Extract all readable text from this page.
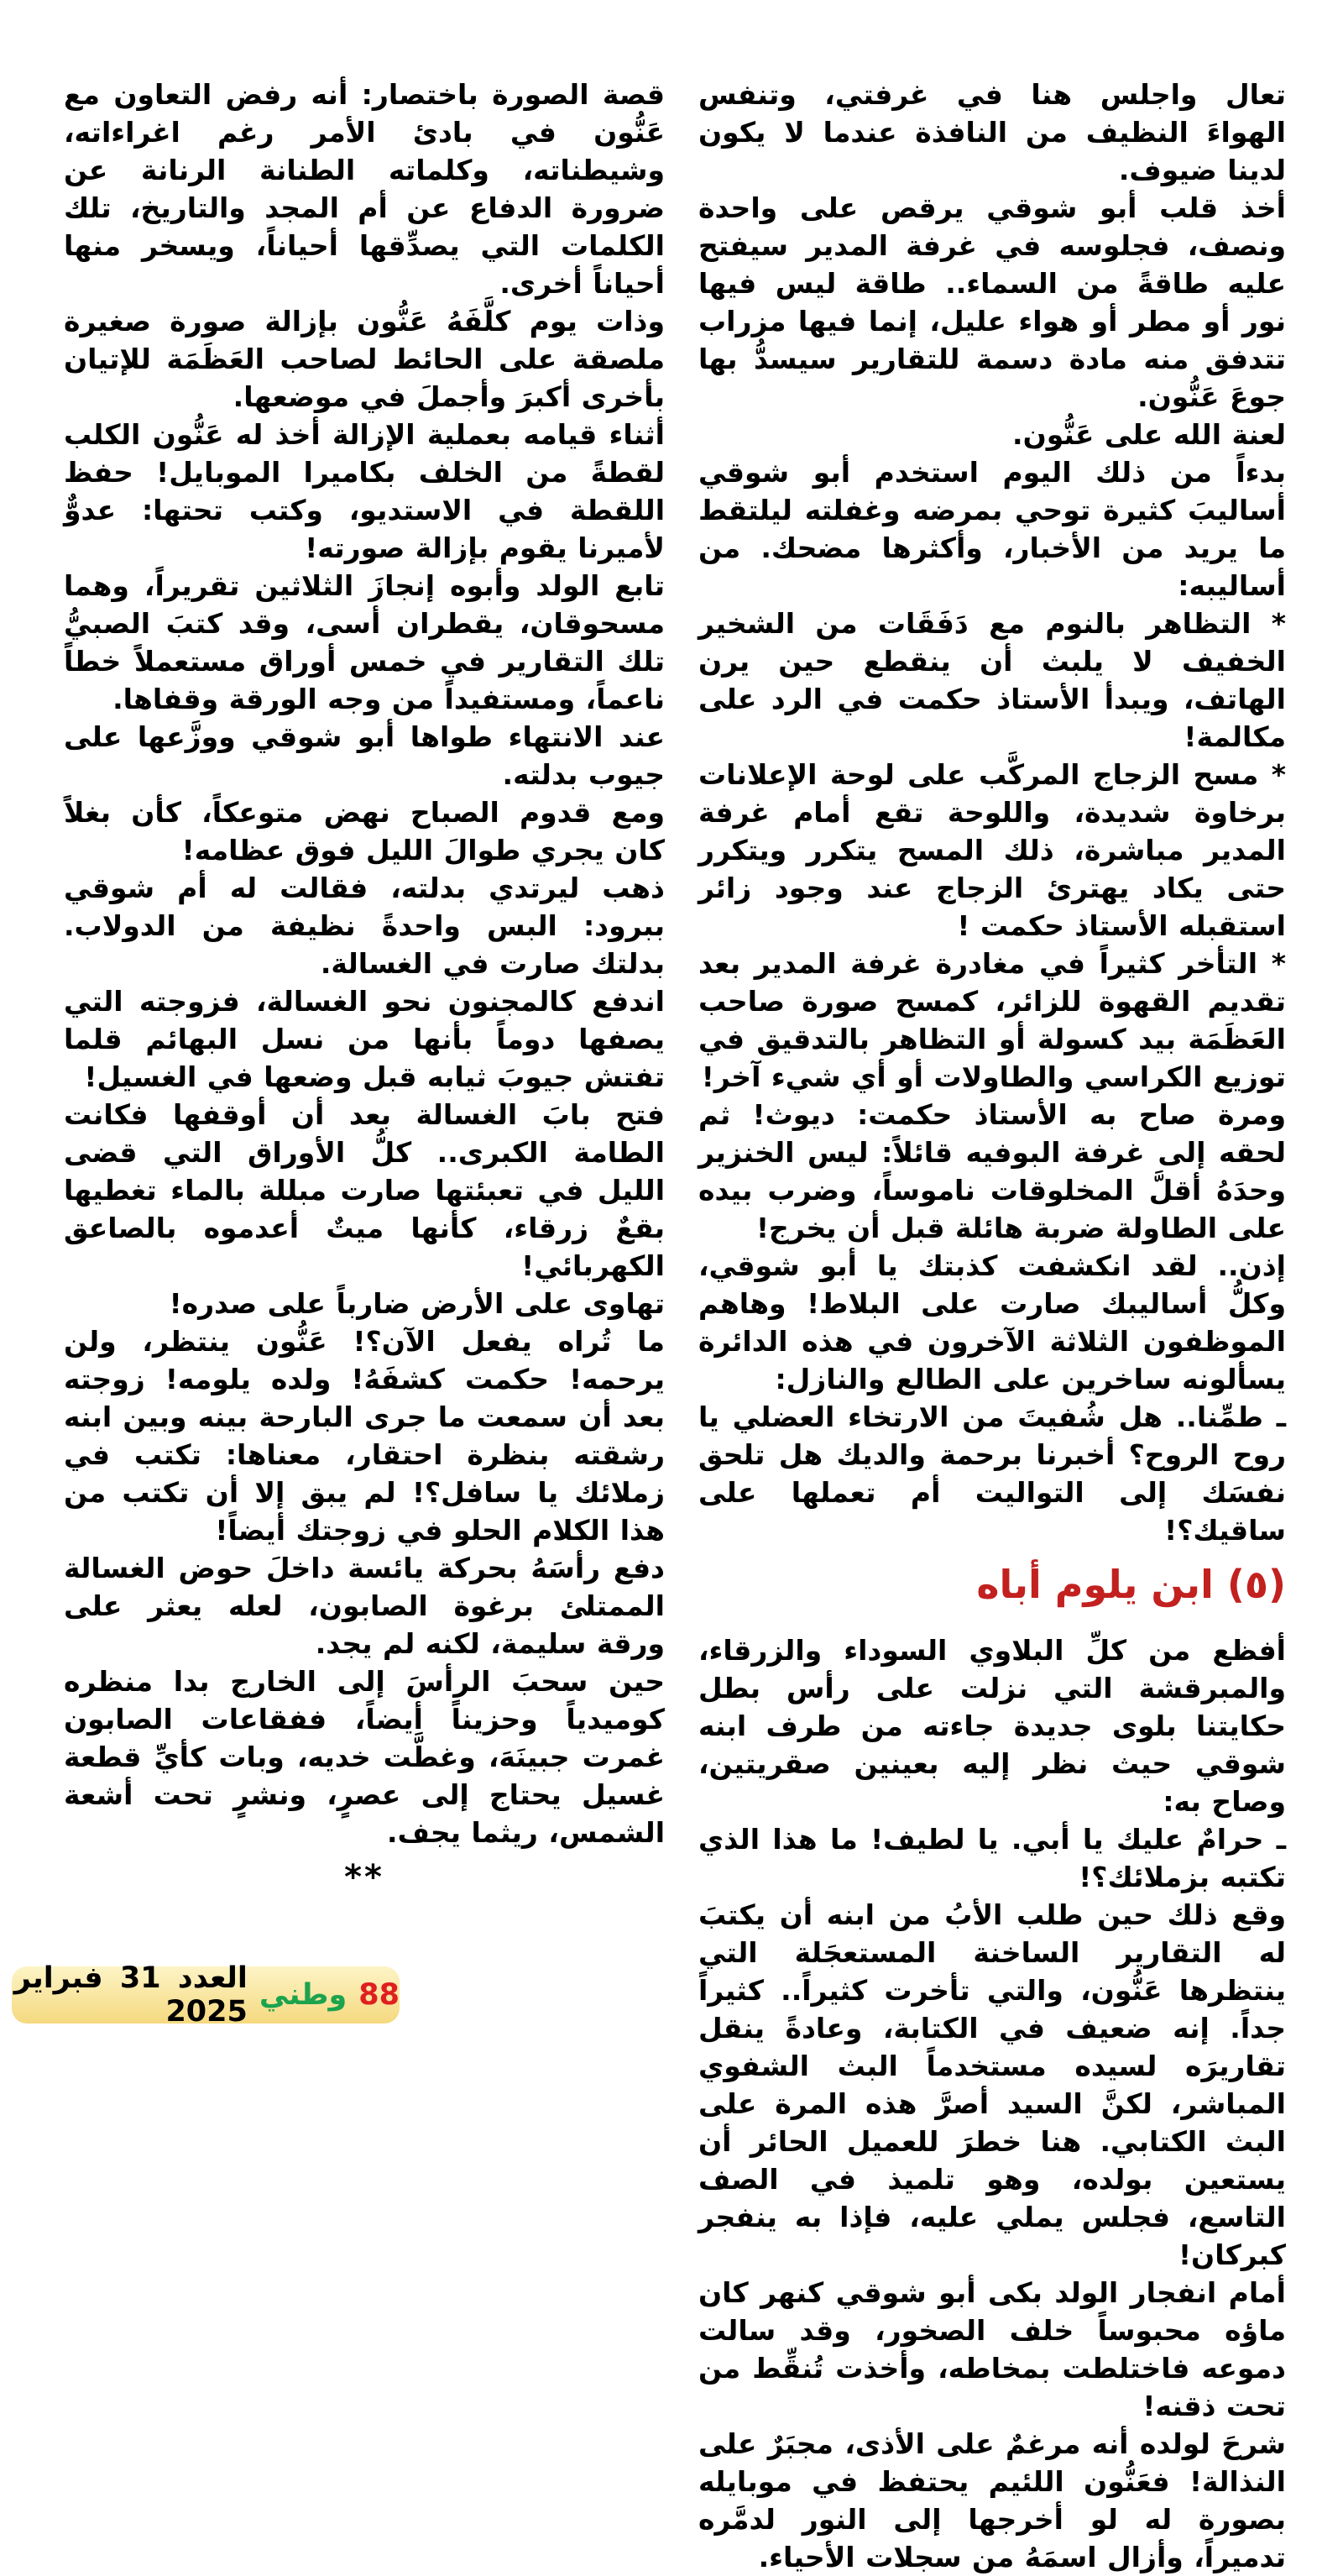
تعال واجلس هنا في غرفتي، وتنفس الهواءَ النظيف من النافذة عندما لا يكون لدينا ضيوف.

أخذ قلب أبو شوقي يرقص على واحدة ونصف، فجلوسه في غرفة المدير سيفتح عليه طاقةً من السماء.. طاقة ليس فيها نور أو مطر أو هواء عليل، إنما فيها مزراب تتدفق منه مادة دسمة للتقارير سيسدُّ بها جوعَ عَنُّون.

لعنة الله على عَنُّون.

بدءاً من ذلك اليوم استخدم أبو شوقي أساليبَ كثيرة توحي بمرضه وغفلته ليلتقط ما يريد من الأخبار، وأكثرها مضحك. من أساليبه:

* التظاهر بالنوم مع دَفَقَات من الشخير الخفيف لا يلبث أن ينقطع حين يرن الهاتف، ويبدأ الأستاذ حكمت في الرد على مكالمة!

* مسح الزجاج المركَّب على لوحة الإعلانات برخاوة شديدة، واللوحة تقع أمام غرفة المدير مباشرة، ذلك المسح يتكرر ويتكرر حتى يكاد يهترئ الزجاج عند وجود زائر استقبله الأستاذ حكمت !

* التأخر كثيراً في مغادرة غرفة المدير بعد تقديم القهوة للزائر، كمسح صورة صاحب العَظَمَة بيد كسولة أو التظاهر بالتدقيق في توزيع الكراسي والطاولات أو أي شيء آخر!

ومرة صاح به الأستاذ حكمت: ديوث! ثم لحقه إلى غرفة البوفيه قائلاً: ليس الخنزير وحدَهُ أقلَّ المخلوقات ناموساً، وضرب بيده على الطاولة ضربة هائلة قبل أن يخرج!

إذن.. لقد انكشفت كذبتك يا أبو شوقي، وكلُّ أساليبك صارت على البلاط! وهاهم الموظفون الثلاثة الآخرون في هذه الدائرة يسألونه ساخرين على الطالع والنازل:

ـ طمِّنا.. هل شُفيتَ من الارتخاء العضلي يا روح الروح؟ أخبرنا برحمة والديك هل تلحق نفسَك إلى التواليت أم تعملها على ساقيك؟!

(٥) ابن يلوم أباه

أفظع من كلِّ البلاوي السوداء والزرقاء، والمبرقشة التي نزلت على رأس بطل حكايتنا بلوى جديدة جاءته من طرف ابنه شوقي حيث نظر إليه بعينين صقريتين، وصاح به:

ـ حرامٌ عليك يا أبي. يا لطيف! ما هذا الذي تكتبه بزملائك؟!

وقع ذلك حين طلب الأبُ من ابنه أن يكتبَ له التقارير الساخنة المستعجَلة التي ينتظرها عَنُّون، والتي تأخرت كثيراً.. كثيراً جداً. إنه ضعيف في الكتابة، وعادةً ينقل تقاريرَه لسيده مستخدماً البث الشفوي المباشر، لكنَّ السيد أصرَّ هذه المرة على البث الكتابي. هنا خطرَ للعميل الحائر أن يستعين بولده، وهو تلميذ في الصف التاسع، فجلس يملي عليه، فإذا به ينفجر كبركان!

أمام انفجار الولد بكى أبو شوقي كنهر كان ماؤه محبوساً خلف الصخور، وقد سالت دموعه فاختلطت بمخاطه، وأخذت تُنقِّط من تحت ذقنه!

شرحَ لولده أنه مرغمٌ على الأذى، مجبَرٌ على النذالة! فعَنُّون اللئيم يحتفظ في موبايله بصورة له لو أخرجها إلى النور لدمَّره تدميراً، وأزال اسمَهُ من سجلات الأحياء.

قصة الصورة باختصار: أنه رفض التعاون مع عَنُّون في بادئ الأمر رغم اغراءاته، وشيطناته، وكلماته الطنانة الرنانة عن ضرورة الدفاع عن أم المجد والتاريخ، تلك الكلمات التي يصدِّقها أحياناً، ويسخر منها أحياناً أخرى.

وذات يوم كلَّفَهُ عَنُّون بإزالة صورة صغيرة ملصقة على الحائط لصاحب العَظَمَة للإتيان بأخرى أكبرَ وأجملَ في موضعها.

أثناء قيامه بعملية الإزالة أخذ له عَنُّون الكلب لقطةً من الخلف بكاميرا الموبايل! حفظ اللقطة في الاستديو، وكتب تحتها: عدوٌّ لأميرنا يقوم بإزالة صورته!

تابع الولد وأبوه إنجازَ الثلاثين تقريراً، وهما مسحوقان، يقطران أسى، وقد كتبَ الصبيُّ تلك التقارير في خمس أوراق مستعملاً خطاً ناعماً، ومستفيداً من وجه الورقة وقفاها.

عند الانتهاء طواها أبو شوقي ووزَّعها على جيوب بدلته.

ومع قدوم الصباح نهض متوعكاً، كأن بغلاً كان يجري طوالَ الليل فوق عظامه!

ذهب ليرتدي بدلته، فقالت له أم شوقي ببرود: البس واحدةً نظيفة من الدولاب. بدلتك صارت في الغسالة.

اندفع كالمجنون نحو الغسالة، فزوجته التي يصفها دوماً بأنها من نسل البهائم قلما تفتش جيوبَ ثيابه قبل وضعها في الغسيل!

فتح بابَ الغسالة بعد أن أوقفها فكانت الطامة الكبرى.. كلُّ الأوراق التي قضى الليل في تعبئتها صارت مبللة بالماء تغطيها بقعٌ زرقاء، كأنها ميتٌ أعدموه بالصاعق الكهربائي!

تهاوى على الأرض ضارباً على صدره!

ما تُراه يفعل الآن؟! عَنُّون ينتظر، ولن يرحمه! حكمت كشفَهُ! ولده يلومه! زوجته بعد أن سمعت ما جرى البارحة بينه وبين ابنه رشقته بنظرة احتقار، معناها: تكتب في زملائك يا سافل؟! لم يبق إلا أن تكتب من هذا الكلام الحلو في زوجتك أيضاً!

دفع رأسَهُ بحركة يائسة داخلَ حوض الغسالة الممتلئ برغوة الصابون، لعله يعثر على ورقة سليمة، لكنه لم يجد.

حين سحبَ الرأسَ إلى الخارج بدا منظره كوميدياً وحزيناً أيضاً، ففقاعات الصابون غمرت جبينَهَ، وغطَّت خديه، وبات كأيِّ قطعة غسيل يحتاج إلى عصرٍ، ونشرٍ تحت أشعة الشمس، ريثما يجف.

**
88
وطني
العدد 31 فبراير 2025
